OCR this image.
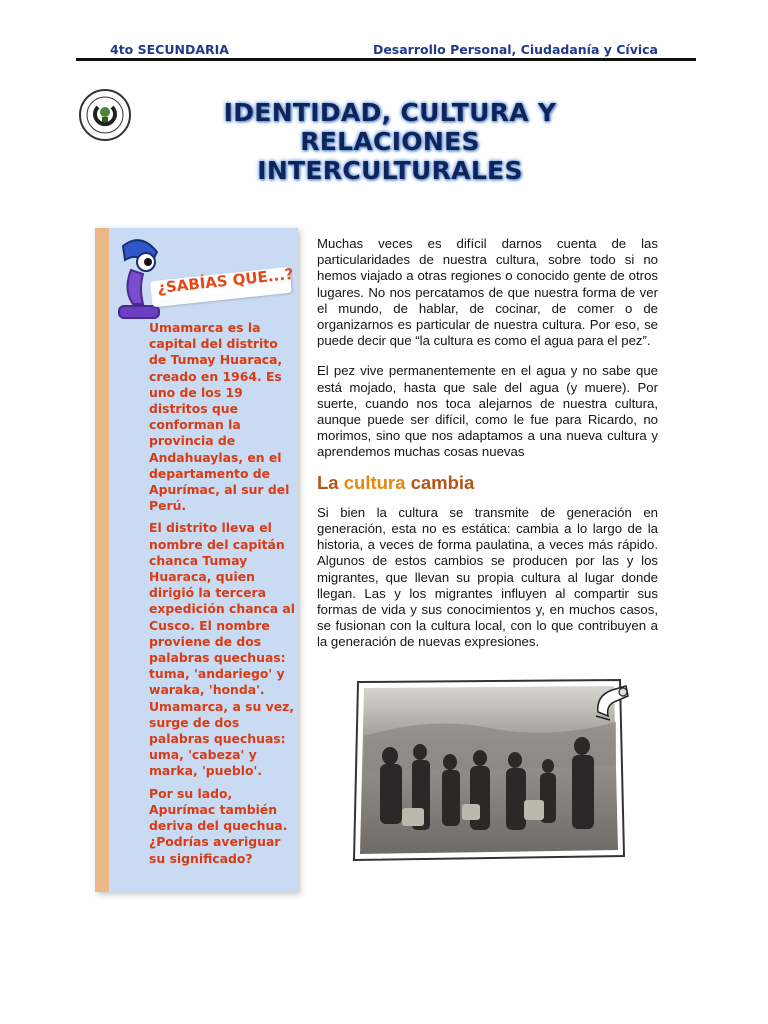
4to SECUNDARIA	Desarrollo Personal, Ciudadanía y Cívica
IDENTIDAD, CULTURA Y RELACIONES
INTERCULTURALES
¿SABÍAS QUE...?

Umamarca es la capital del distrito de Tumay Huaraca, creado en 1964. Es uno de los 19 distritos que conforman la provincia de Andahuaylas, en el departamento de Apurímac, al sur del Perú.

El distrito lleva el nombre del capitán chanca Tumay Huaraca, quien dirigió la tercera expedición chanca al Cusco. El nombre proviene de dos palabras quechuas: tuma, 'andariego' y waraka, 'honda'. Umamarca, a su vez, surge de dos palabras quechuas: uma, 'cabeza' y marka, 'pueblo'.

Por su lado, Apurímac también deriva del quechua. ¿Podrías averiguar su significado?

Muchas veces es difícil darnos cuenta de las particularidades de nuestra cultura, sobre todo si no hemos viajado a otras regiones o conocido gente de otros lugares. No nos percatamos de que nuestra forma de ver el mundo, de hablar, de cocinar, de comer o de organizarnos es particular de nuestra cultura. Por eso, se puede decir que “la cultura es como el agua para el pez”.

El pez vive permanentemente en el agua y no sabe que está mojado, hasta que sale del agua (y muere). Por suerte, cuando nos toca alejarnos de nuestra cultura, aunque puede ser difícil, como le fue para Ricardo, no morimos, sino que nos adaptamos a una nueva cultura y aprendemos muchas cosas nuevas

La cultura cambia

Si bien la cultura se transmite de generación en generación, esta no es estática: cambia a lo largo de la historia, a veces de forma paulatina, a veces más rápido. Algunos de estos cambios se producen por las y los migrantes, que llevan su propia cultura al lugar donde llegan. Las y los migrantes influyen al compartir sus formas de vida y sus conocimientos y, en muchos casos, se fusionan con la cultura local, con lo que contribuyen a la generación de nuevas expresiones.
